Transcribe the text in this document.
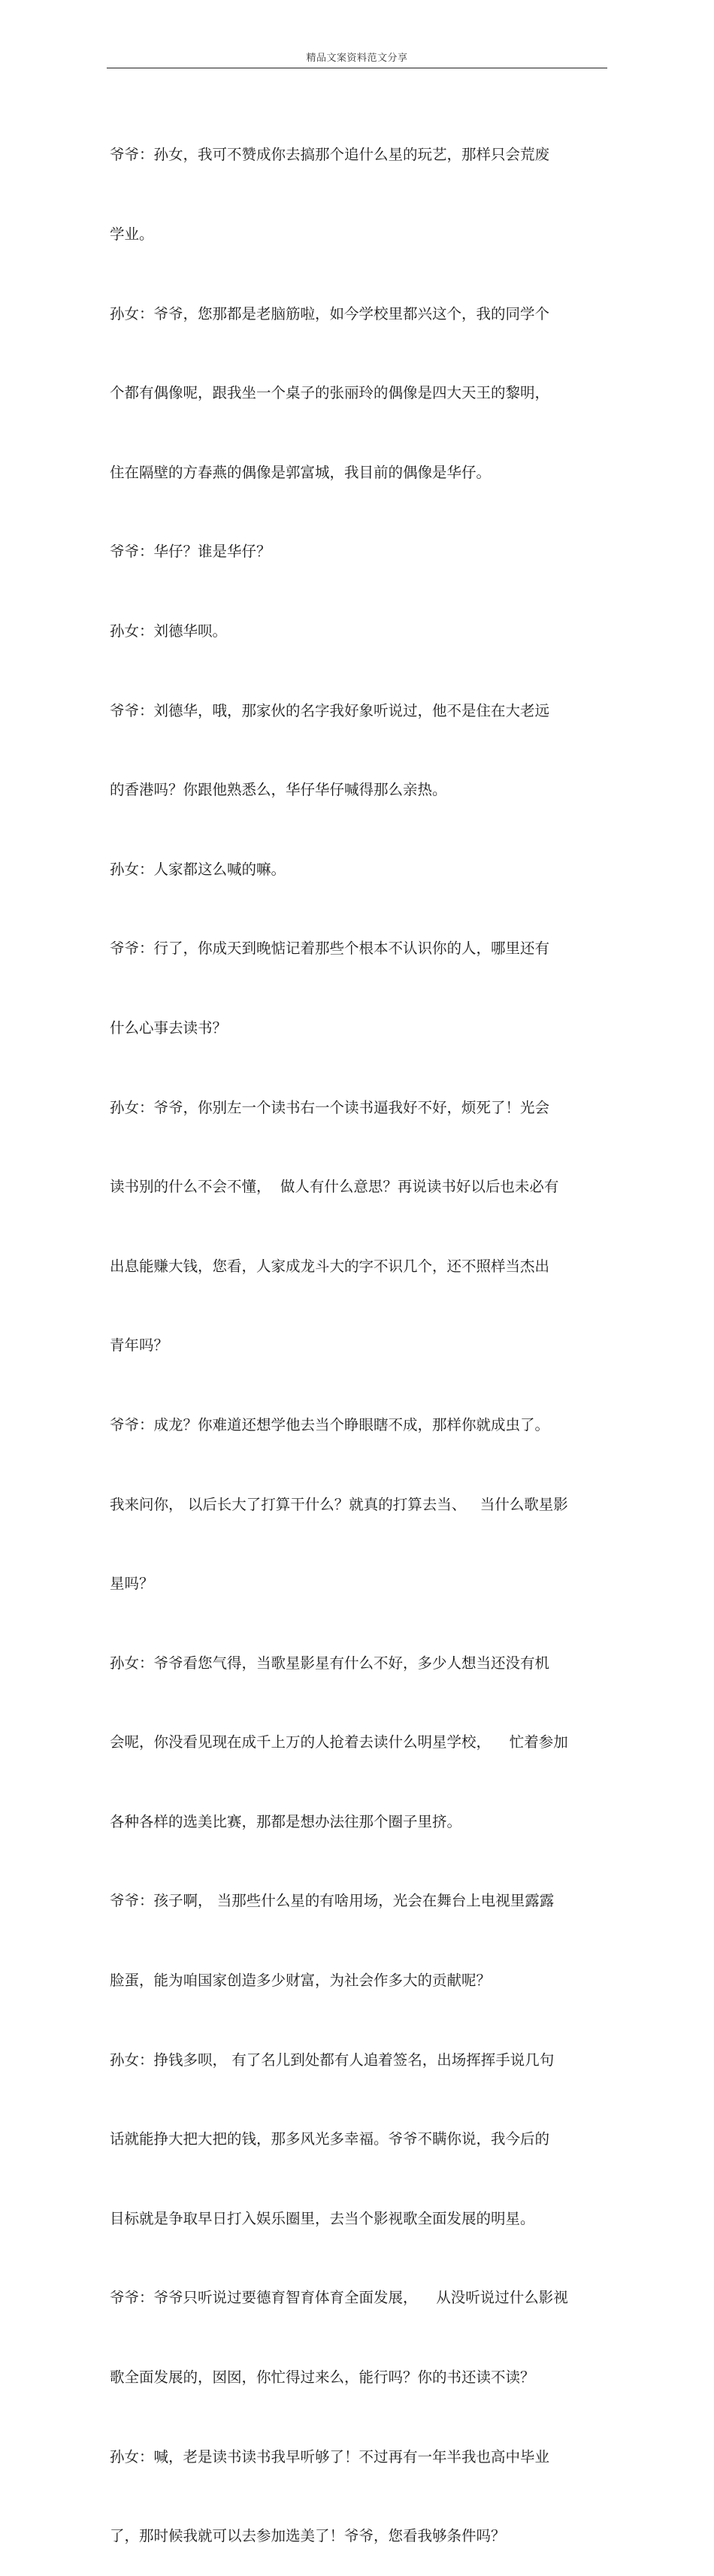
精品文案资料范文分享

爷爷：孙女，我可不赞成你去搞那个追什么星的玩艺，那样只会荒废

学业。

孙女：爷爷，您那都是老脑筋啦，如今学校里都兴这个，我的同学个

个都有偶像呢，跟我坐一个桌子的张丽玲的偶像是四大天王的黎明，

住在隔壁的方春燕的偶像是郭富城，我目前的偶像是华仔。

爷爷：华仔？谁是华仔？

孙女：刘德华呗。

爷爷：刘德华，哦，那家伙的名字我好象听说过，他不是住在大老远

的香港吗？你跟他熟悉么，华仔华仔喊得那么亲热。

孙女：人家都这么喊的嘛。

爷爷：行了，你成天到晚惦记着那些个根本不认识你的人，哪里还有

什么心事去读书？

孙女：爷爷，你别左一个读书右一个读书逼我好不好，烦死了！光会

读书别的什么不会不懂，  做人有什么意思？再说读书好以后也未必有

出息能赚大钱，您看，人家成龙斗大的字不识几个，还不照样当杰出

青年吗？

爷爷：成龙？你难道还想学他去当个睁眼瞎不成，那样你就成虫了。

我来问你， 以后长大了打算干什么？就真的打算去当、   当什么歌星影

星吗？

孙女：爷爷看您气得，当歌星影星有什么不好，多少人想当还没有机

会呢，你没看见现在成千上万的人抢着去读什么明星学校，    忙着参加

各种各样的选美比赛，那都是想办法往那个圈子里挤。

爷爷：孩子啊， 当那些什么星的有啥用场，光会在舞台上电视里露露

脸蛋，能为咱国家创造多少财富，为社会作多大的贡献呢？

孙女：挣钱多呗， 有了名儿到处都有人追着签名，出场挥挥手说几句

话就能挣大把大把的钱，那多风光多幸福。爷爷不瞒你说，我今后的

目标就是争取早日打入娱乐圈里，去当个影视歌全面发展的明星。

爷爷：爷爷只听说过要德育智育体育全面发展，    从没听说过什么影视

歌全面发展的，囡囡，你忙得过来么，能行吗？你的书还读不读？

孙女：喊，老是读书读书我早听够了！不过再有一年半我也高中毕业

了，那时候我就可以去参加选美了！爷爷，您看我够条件吗？
